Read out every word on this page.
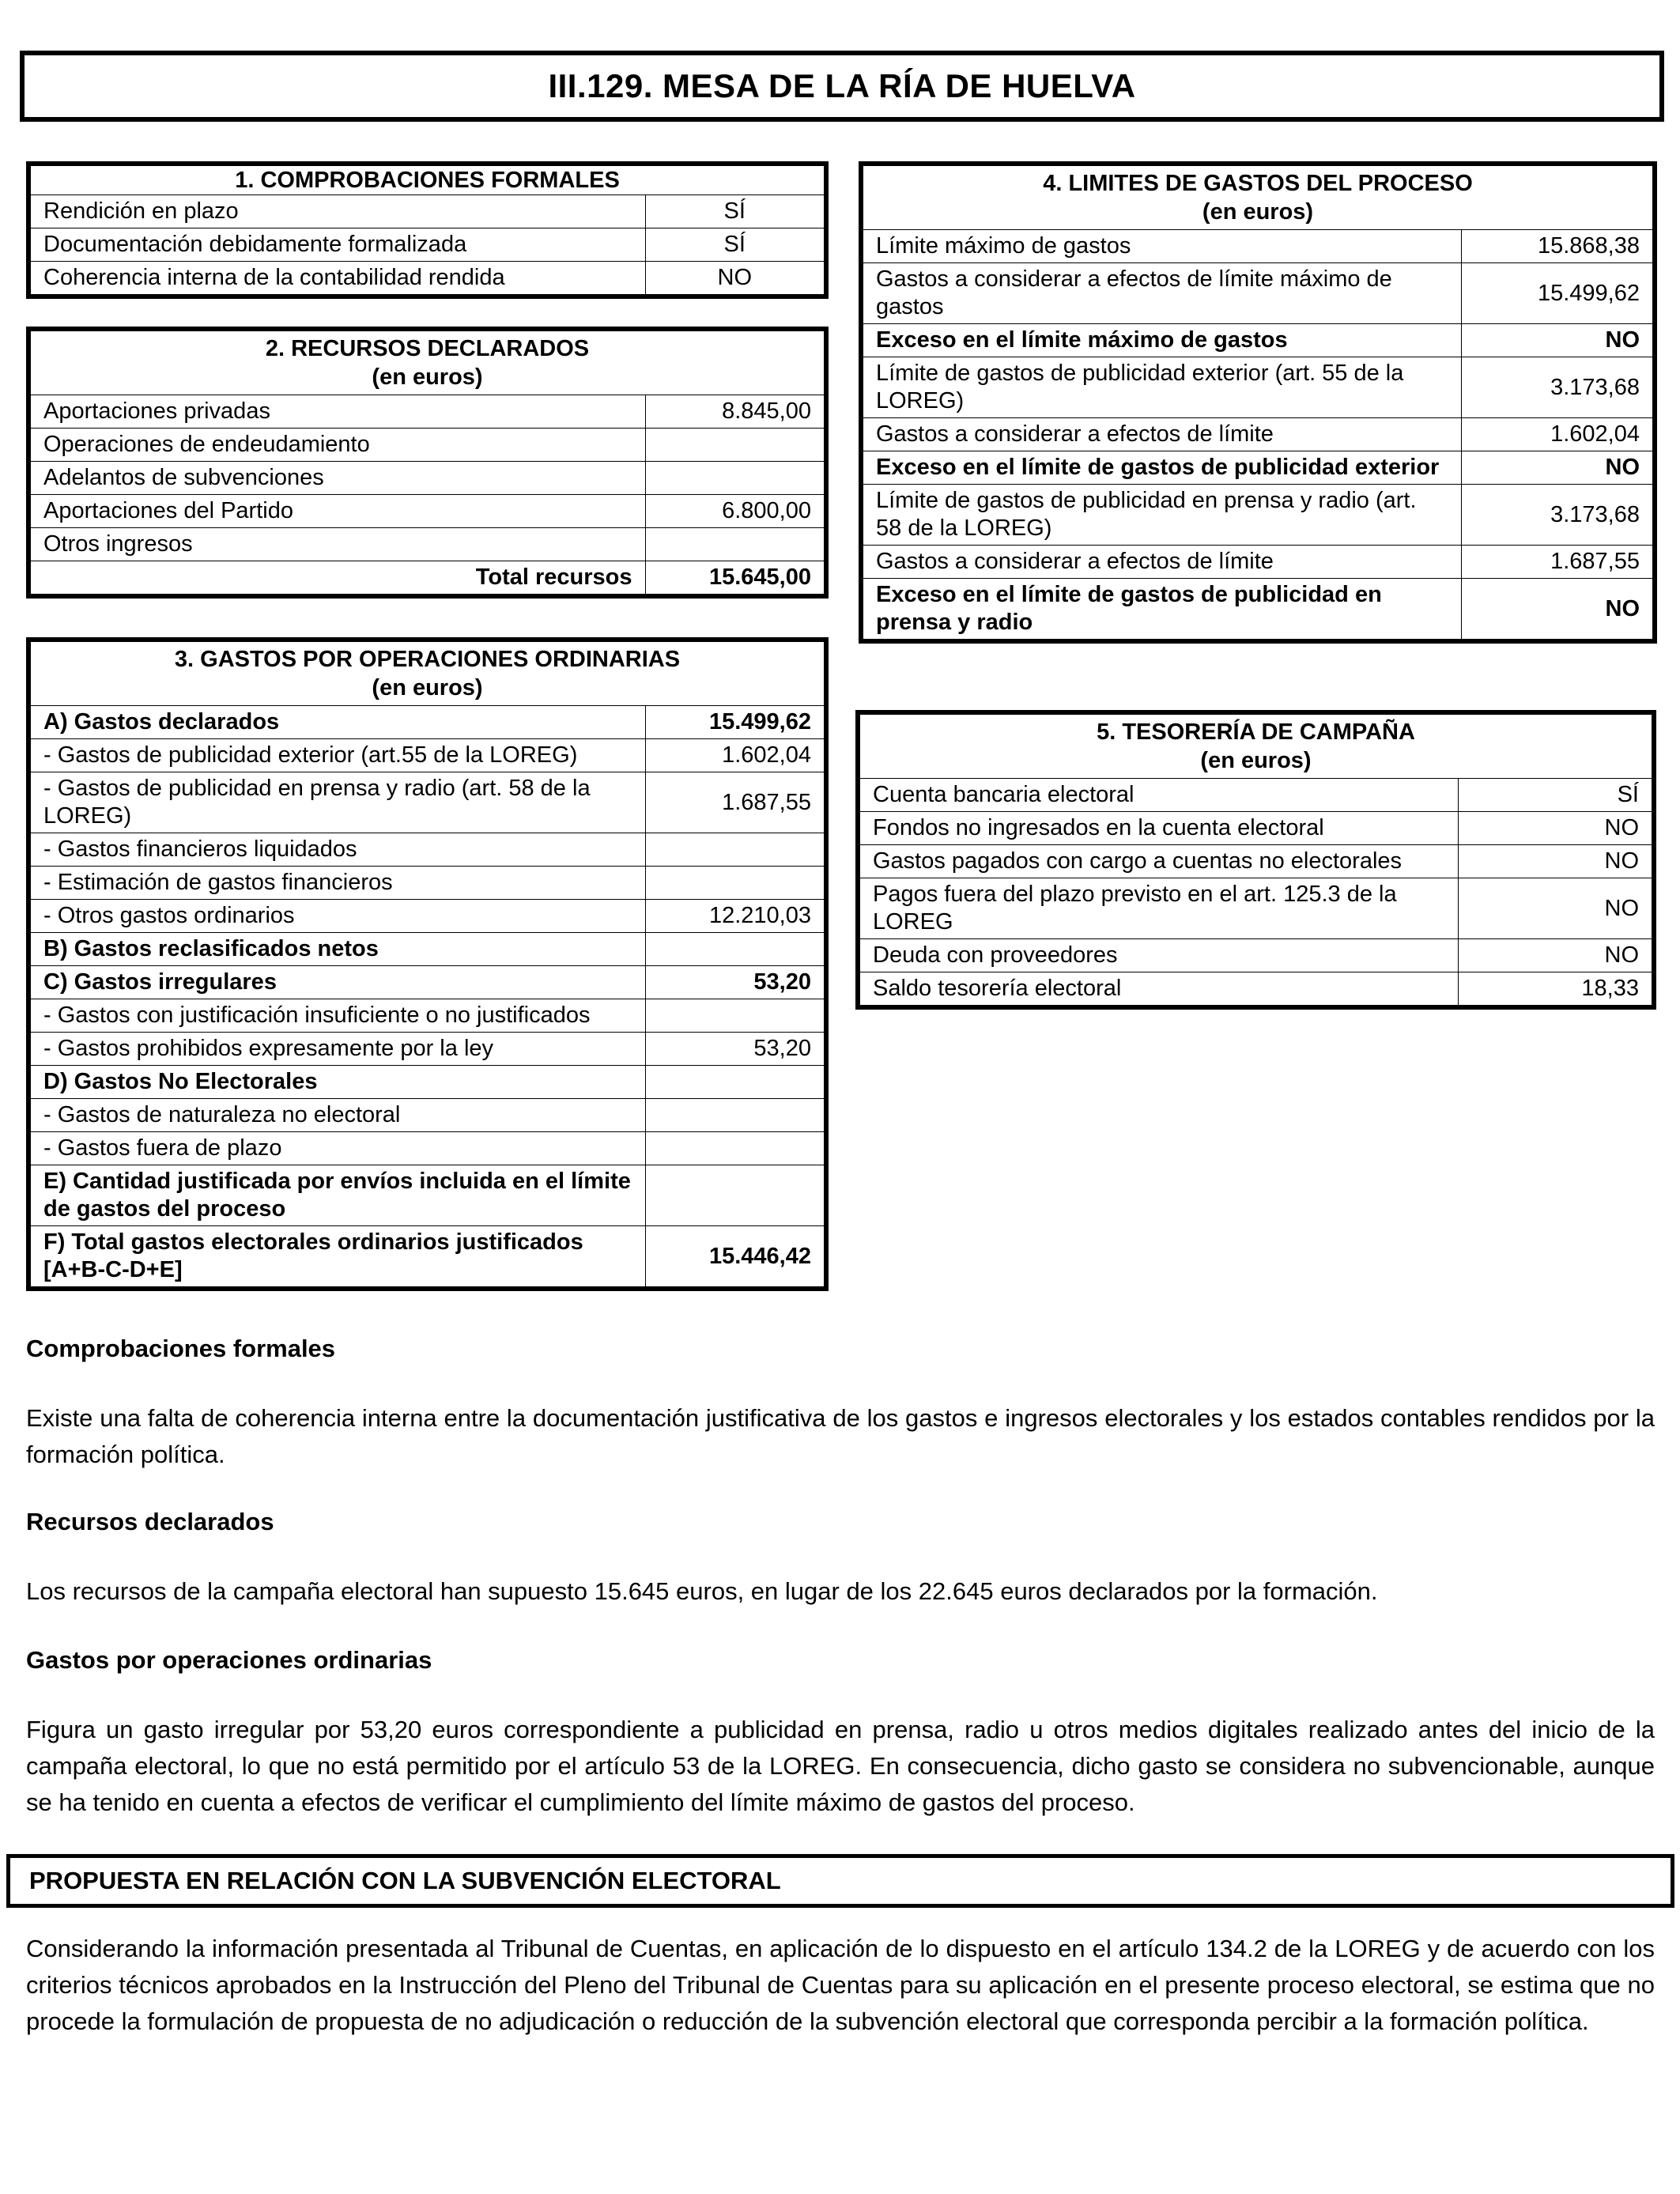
III.129. MESA DE LA RÍA DE HUELVA
1. COMPROBACIONES FORMALES	
Rendición en plazo	SÍ
Documentación debidamente formalizada	SÍ
Coherencia interna de la contabilidad rendida	NO
2. RECURSOS DECLARADOS
(en euros)	

Aportaciones privadas	8.845,00
Operaciones de endeudamiento	
Adelantos de subvenciones	
Aportaciones del Partido	6.800,00
Otros ingresos	
Total recursos	15.645,00
3. GASTOS POR OPERACIONES ORDINARIAS
(en euros)	

A) Gastos declarados	15.499,62
- Gastos de publicidad exterior (art.55 de la LOREG)	1.602,04
- Gastos de publicidad en prensa y radio (art. 58 de la LOREG)	1.687,55
- Gastos financieros liquidados	
- Estimación de gastos financieros	
- Otros gastos ordinarios	12.210,03
B) Gastos reclasificados netos	
C) Gastos irregulares	53,20
- Gastos con justificación insuficiente o no justificados	
- Gastos prohibidos expresamente por la ley	53,20
D) Gastos No Electorales	
- Gastos de naturaleza no electoral	
- Gastos fuera de plazo	
E) Cantidad justificada por envíos incluida en el límite de gastos del proceso	
F) Total gastos electorales ordinarios justificados [A+B-C-D+E]	15.446,42
4. LIMITES DE GASTOS DEL PROCESO
(en euros)	

Límite máximo de gastos	15.868,38
Gastos a considerar a efectos de límite máximo de gastos	15.499,62
Exceso en el límite máximo de gastos	NO
Límite de gastos de publicidad exterior (art. 55 de la LOREG)	3.173,68
Gastos a considerar a efectos de límite	1.602,04
Exceso en el límite de gastos de publicidad exterior	NO
Límite de gastos de publicidad en prensa y radio (art. 58 de la LOREG)	3.173,68
Gastos a considerar a efectos de límite	1.687,55
Exceso en el límite de gastos de publicidad en prensa y radio	NO
5. TESORERÍA DE CAMPAÑA
(en euros)	

Cuenta bancaria electoral	SÍ
Fondos no ingresados en la cuenta electoral	NO
Gastos pagados con cargo a cuentas no electorales	NO
Pagos fuera del plazo previsto en el art. 125.3 de la LOREG	NO
Deuda con proveedores	NO
Saldo tesorería electoral	18,33
Comprobaciones formales

Existe una falta de coherencia interna entre la documentación justificativa de los gastos e ingresos electorales y los estados contables rendidos por la formación política.

Recursos declarados

Los recursos de la campaña electoral han supuesto 15.645 euros, en lugar de los 22.645 euros declarados por la formación.

Gastos por operaciones ordinarias

Figura un gasto irregular por 53,20 euros correspondiente a publicidad en prensa, radio u otros medios digitales realizado antes del inicio de la campaña electoral, lo que no está permitido por el artículo 53 de la LOREG. En consecuencia, dicho gasto se considera no subvencionable, aunque se ha tenido en cuenta a efectos de verificar el cumplimiento del límite máximo de gastos del proceso.

PROPUESTA EN RELACIÓN CON LA SUBVENCIÓN ELECTORAL

Considerando la información presentada al Tribunal de Cuentas, en aplicación de lo dispuesto en el artículo 134.2 de la LOREG y de acuerdo con los criterios técnicos aprobados en la Instrucción del Pleno del Tribunal de Cuentas para su aplicación en el presente proceso electoral, se estima que no procede la formulación de propuesta de no adjudicación o reducción de la subvención electoral que corresponda percibir a la formación política.
